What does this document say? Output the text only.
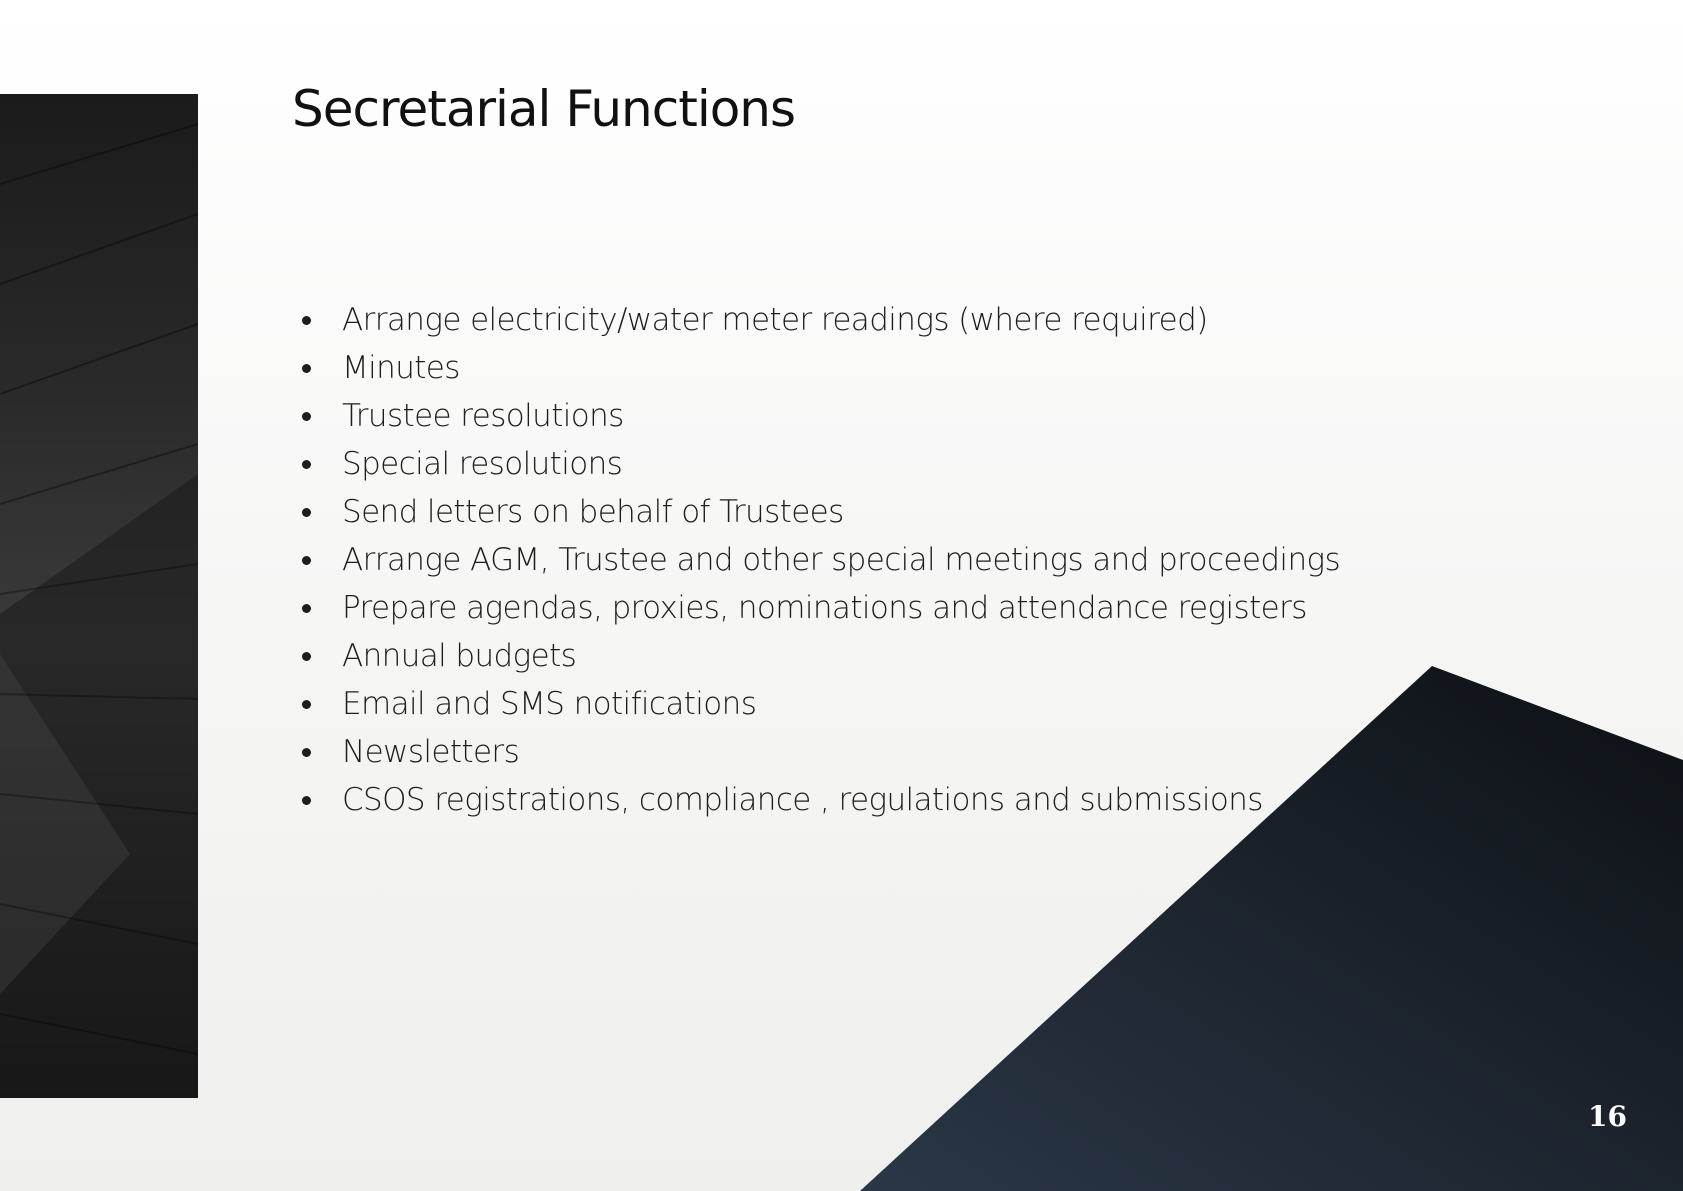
Secretarial Functions
Arrange electricity/water meter readings (where required)
Minutes
Trustee resolutions
Special resolutions
Send letters on behalf of Trustees
Arrange AGM, Trustee and other special meetings and proceedings
Prepare agendas, proxies, nominations and attendance registers
Annual budgets
Email and SMS notifications
Newsletters
CSOS registrations, compliance , regulations and submissions
16
